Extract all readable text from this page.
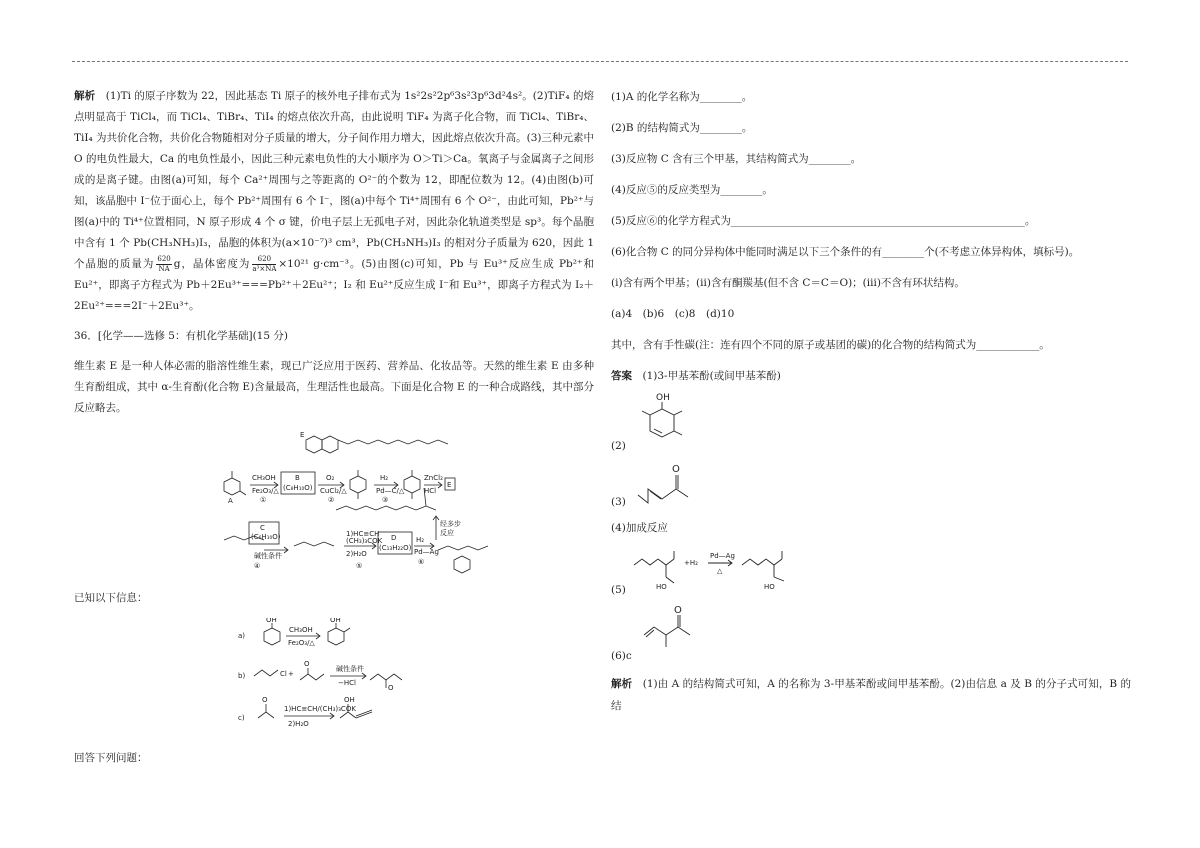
解析　 (1)Ti 的原子序数为 22，因此基态 Ti 原子的核外电子排布式为 1s²2s²2p⁶3s²3p⁶3d²4s²。(2)TiF₄ 的熔点明显高于 TiCl₄，而 TiCl₄、TiBr₄、TiI₄ 的熔点依次升高，由此说明 TiF₄ 为离子化合物，而 TiCl₄、TiBr₄、TiI₄ 为共价化合物，共价化合物随相对分子质量的增大，分子间作用力增大，因此熔点依次升高。(3)三种元素中 O 的电负性最大，Ca 的电负性最小，因此三种元素电负性的大小顺序为 O＞Ti＞Ca。氧离子与金属离子之间形成的是离子键。由图(a)可知，每个 Ca²⁺周围与之等距离的 O²⁻的个数为 12，即配位数为 12。(4)由图(b)可知，该晶胞中 I⁻位于面心上，每个 Pb²⁺周围有 6 个 I⁻，图(a)中每个 Ti⁴⁺周围有 6 个 O²⁻，由此可知，Pb²⁺与图(a)中的 Ti⁴⁺位置相同，N 原子形成 4 个 σ 键，价电子层上无孤电子对，因此杂化轨道类型是 sp³。每个晶胞中含有 1 个 Pb(CH₃NH₃)I₃，晶胞的体积为(a×10⁻⁷)³ cm³，Pb(CH₃NH₃)I₃ 的相对分子质量为 620，因此 1 个晶胞的质量为 $\frac{620}{NA}$ g，晶体密度为 $\frac{620}{\text{a³×NA}} \times 10^{21}$ g·cm⁻³。(5)由图(c)可知，Pb 与 Eu³⁺反应生成 Pb²⁺和 Eu²⁺，即离子方程式为 Pb＋2Eu³⁺===Pb²⁺＋2Eu²⁺；I₂ 和 Eu²⁺反应生成 I⁻和 Eu³⁺，即离子方程式为 I₂＋2Eu²⁺===2I⁻＋2Eu³⁺。

36．[化学——选修 5：有机化学基础](15 分)

维生素 E 是一种人体必需的脂溶性维生素，现已广泛应用于医药、营养品、化妆品等。天然的维生素 E 由多种生育酚组成，其中 α-生育酚(化合物 E)含量最高，生理活性也最高。下面是化合物 E 的一种合成路线，其中部分反应略去。

E
A
CH₃OH
Fe₂O₃/△
①
B
(C₈H₁₀O)
O₂
CuCl₂/△
②
H₂
Pd—C/△
③
ZnCl₂
HCl
E
经多步
反应
C
(C₆H₁₀O)
碱性条件
④
1)HC≡CH
(CH₃)₃COK
2)H₂O
⑤
D
(C₁₃H₂₂O)
H₂
Pd—Ag
⑥

已知以下信息：

a)
OH
CH₃OH
Fe₂O₃/△
OH
b)	Cl +
O
碱性条件
−HCl
O
c)
O
1)HC≡CH/(CH₃)₃COK
2)H₂O
OH

回答下列问题：

(1)A 的化学名称为________。

(2)B 的结构简式为________。

(3)反应物 C 含有三个甲基，其结构简式为________。

(4)反应⑤的反应类型为________。

(5)反应⑥的化学方程式为________________________________________________________。

(6)化合物 C 的同分异构体中能同时满足以下三个条件的有________个(不考虑立体异构体，填标号)。

(ⅰ)含有两个甲基；(ⅱ)含有酮羰基(但不含 C＝C＝O)；(ⅲ)不含有环状结构。

(a)4　(b)6　(c)8　(d)10

其中，含有手性碳(注：连有四个不同的原子或基团的碳)的化合物的结构简式为____________。

答案　 (1)3-甲基苯酚(或间甲基苯酚)

(2)
OH
(3)
O

(4)加成反应

(5)
+H₂
Pd—Ag
△
HO	HO
(6)c
O

解析　 (1)由 A 的结构简式可知，A 的名称为 3-甲基苯酚或间甲基苯酚。(2)由信息 a 及 B 的分子式可知，B 的结
